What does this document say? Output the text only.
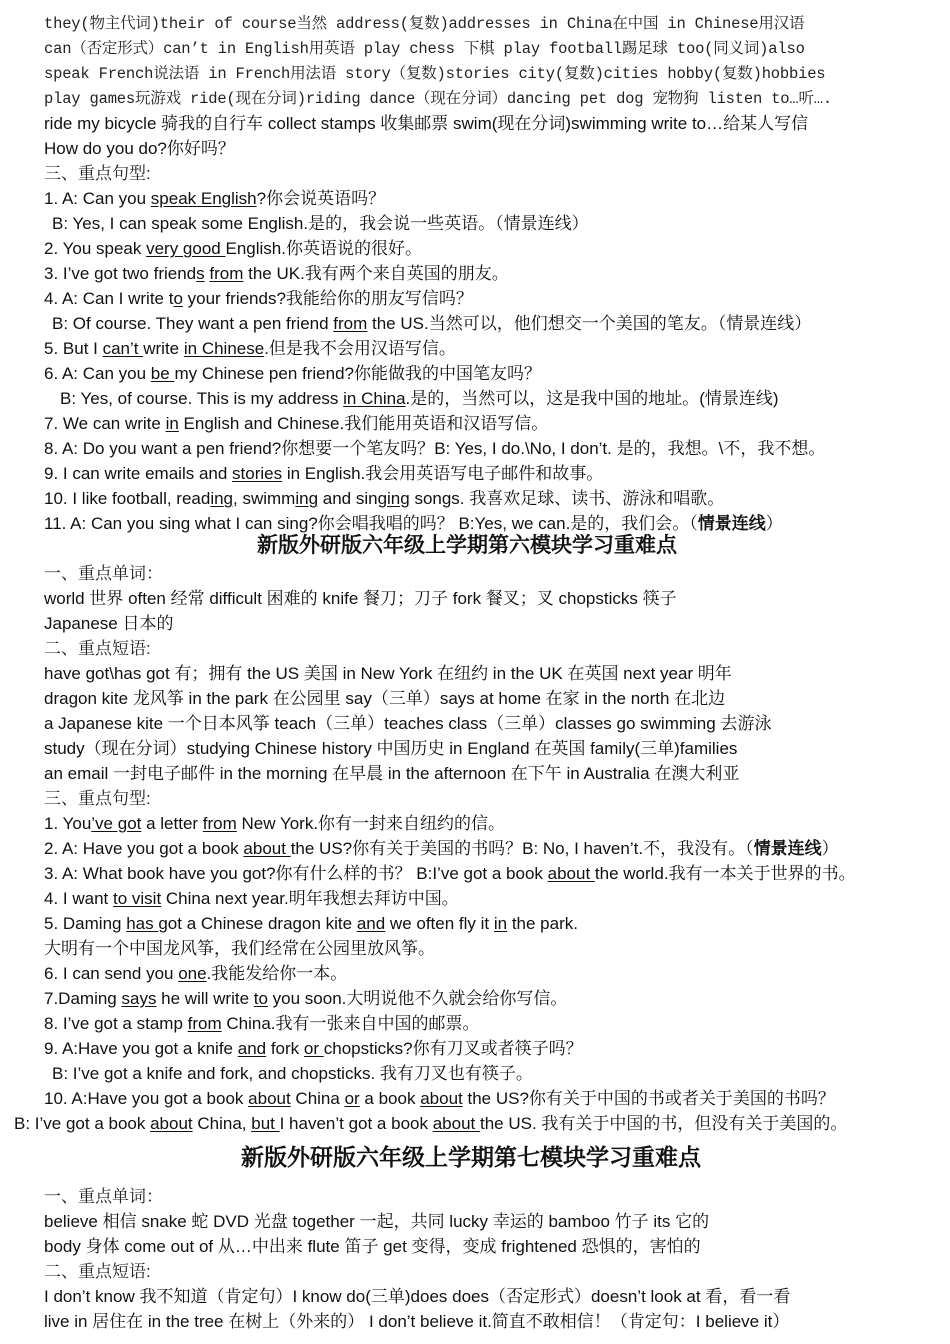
they(物主代词)their of course当然 address(复数)addresses in China在中国 in Chinese用汉语
can（否定形式）can’t in English用英语 play chess 下棋 play football踢足球 too(同义词)also
speak French说法语 in French用法语 story（复数)stories city(复数)cities hobby(复数)hobbies
play games玩游戏 ride(现在分词)riding dance（现在分词）dancing pet dog 宠物狗 listen to…听….
ride my bicycle 骑我的自行车 collect stamps 收集邮票 swim(现在分词)swimming write to…给某人写信
How do you do?你好吗？
三、重点句型:
1. A: Can you speak English?你会说英语吗？
B: Yes, I can speak some English.是的，我会说一些英语。（情景连线）
2. You speak very good English.你英语说的很好。
3. I’ve got two friends from the UK.我有两个来自英国的朋友。
4. A: Can I write to your friends?我能给你的朋友写信吗？
B: Of course. They want a pen friend from the US.当然可以，他们想交一个美国的笔友。（情景连线）
5. But I can’t write in Chinese.但是我不会用汉语写信。
6. A: Can you be my Chinese pen friend?你能做我的中国笔友吗？
B: Yes, of course. This is my address in China.是的，当然可以，这是我中国的地址。(情景连线)
7. We can write in English and Chinese.我们能用英语和汉语写信。
8. A: Do you want a pen friend?你想要一个笔友吗？B: Yes, I do.\No, I don’t. 是的，我想。\不，我不想。
9. I can write emails and stories in English.我会用英语写电子邮件和故事。
10. I like football, reading, swimming and singing songs. 我喜欢足球、读书、游泳和唱歌。
11. A: Can you sing what I can sing?你会唱我唱的吗？ B:Yes, we can.是的，我们会。（情景连线）
新版外研版六年级上学期第六模块学习重难点
一、重点单词：
world 世界 often 经常 difficult 困难的 knife 餐刀；刀子 fork 餐叉；叉 chopsticks 筷子
Japanese 日本的
二、重点短语:
have got\has got 有；拥有 the US 美国 in New York 在纽约 in the UK 在英国 next year 明年
dragon kite 龙风筝 in the park 在公园里 say（三单）says at home 在家 in the north 在北边
a Japanese kite 一个日本风筝 teach（三单）teaches class（三单）classes go swimming 去游泳
study（现在分词）studying Chinese history 中国历史 in England 在英国 family(三单)families
an email 一封电子邮件 in the morning 在早晨 in the afternoon 在下午 in Australia 在澳大利亚
三、重点句型:
1. You’ve got a letter from New York.你有一封来自纽约的信。
2. A: Have you got a book about the US?你有关于美国的书吗？B: No, I haven’t.不，我没有。（情景连线）
3. A: What book have you got?你有什么样的书？ B:I’ve got a book about the world.我有一本关于世界的书。
4. I want to visit China next year.明年我想去拜访中国。
5. Daming has got a Chinese dragon kite and we often fly it in the park.
大明有一个中国龙风筝，我们经常在公园里放风筝。
6. I can send you one.我能发给你一本。
7.Daming says he will write to you soon.大明说他不久就会给你写信。
8. I’ve got a stamp from China.我有一张来自中国的邮票。
9. A:Have you got a knife and fork or chopsticks?你有刀叉或者筷子吗？
B: I’ve got a knife and fork, and chopsticks. 我有刀叉也有筷子。
10. A:Have you got a book about China or a book about the US?你有关于中国的书或者关于美国的书吗？
B: I’ve got a book about China, but I haven’t got a book about the US. 我有关于中国的书，但没有关于美国的。
新版外研版六年级上学期第七模块学习重难点
一、重点单词：
believe 相信 snake 蛇 DVD 光盘 together 一起，共同 lucky 幸运的 bamboo 竹子 its 它的
body 身体 come out of 从…中出来 flute 笛子 get 变得，变成 frightened 恐惧的，害怕的
二、重点短语:
I don’t know 我不知道（肯定句）I know do(三单)does does（否定形式）doesn’t look at 看，看一看
live in 居住在 in the tree 在树上（外来的） I don’t believe it.简直不敢相信！（肯定句：I believe it）
